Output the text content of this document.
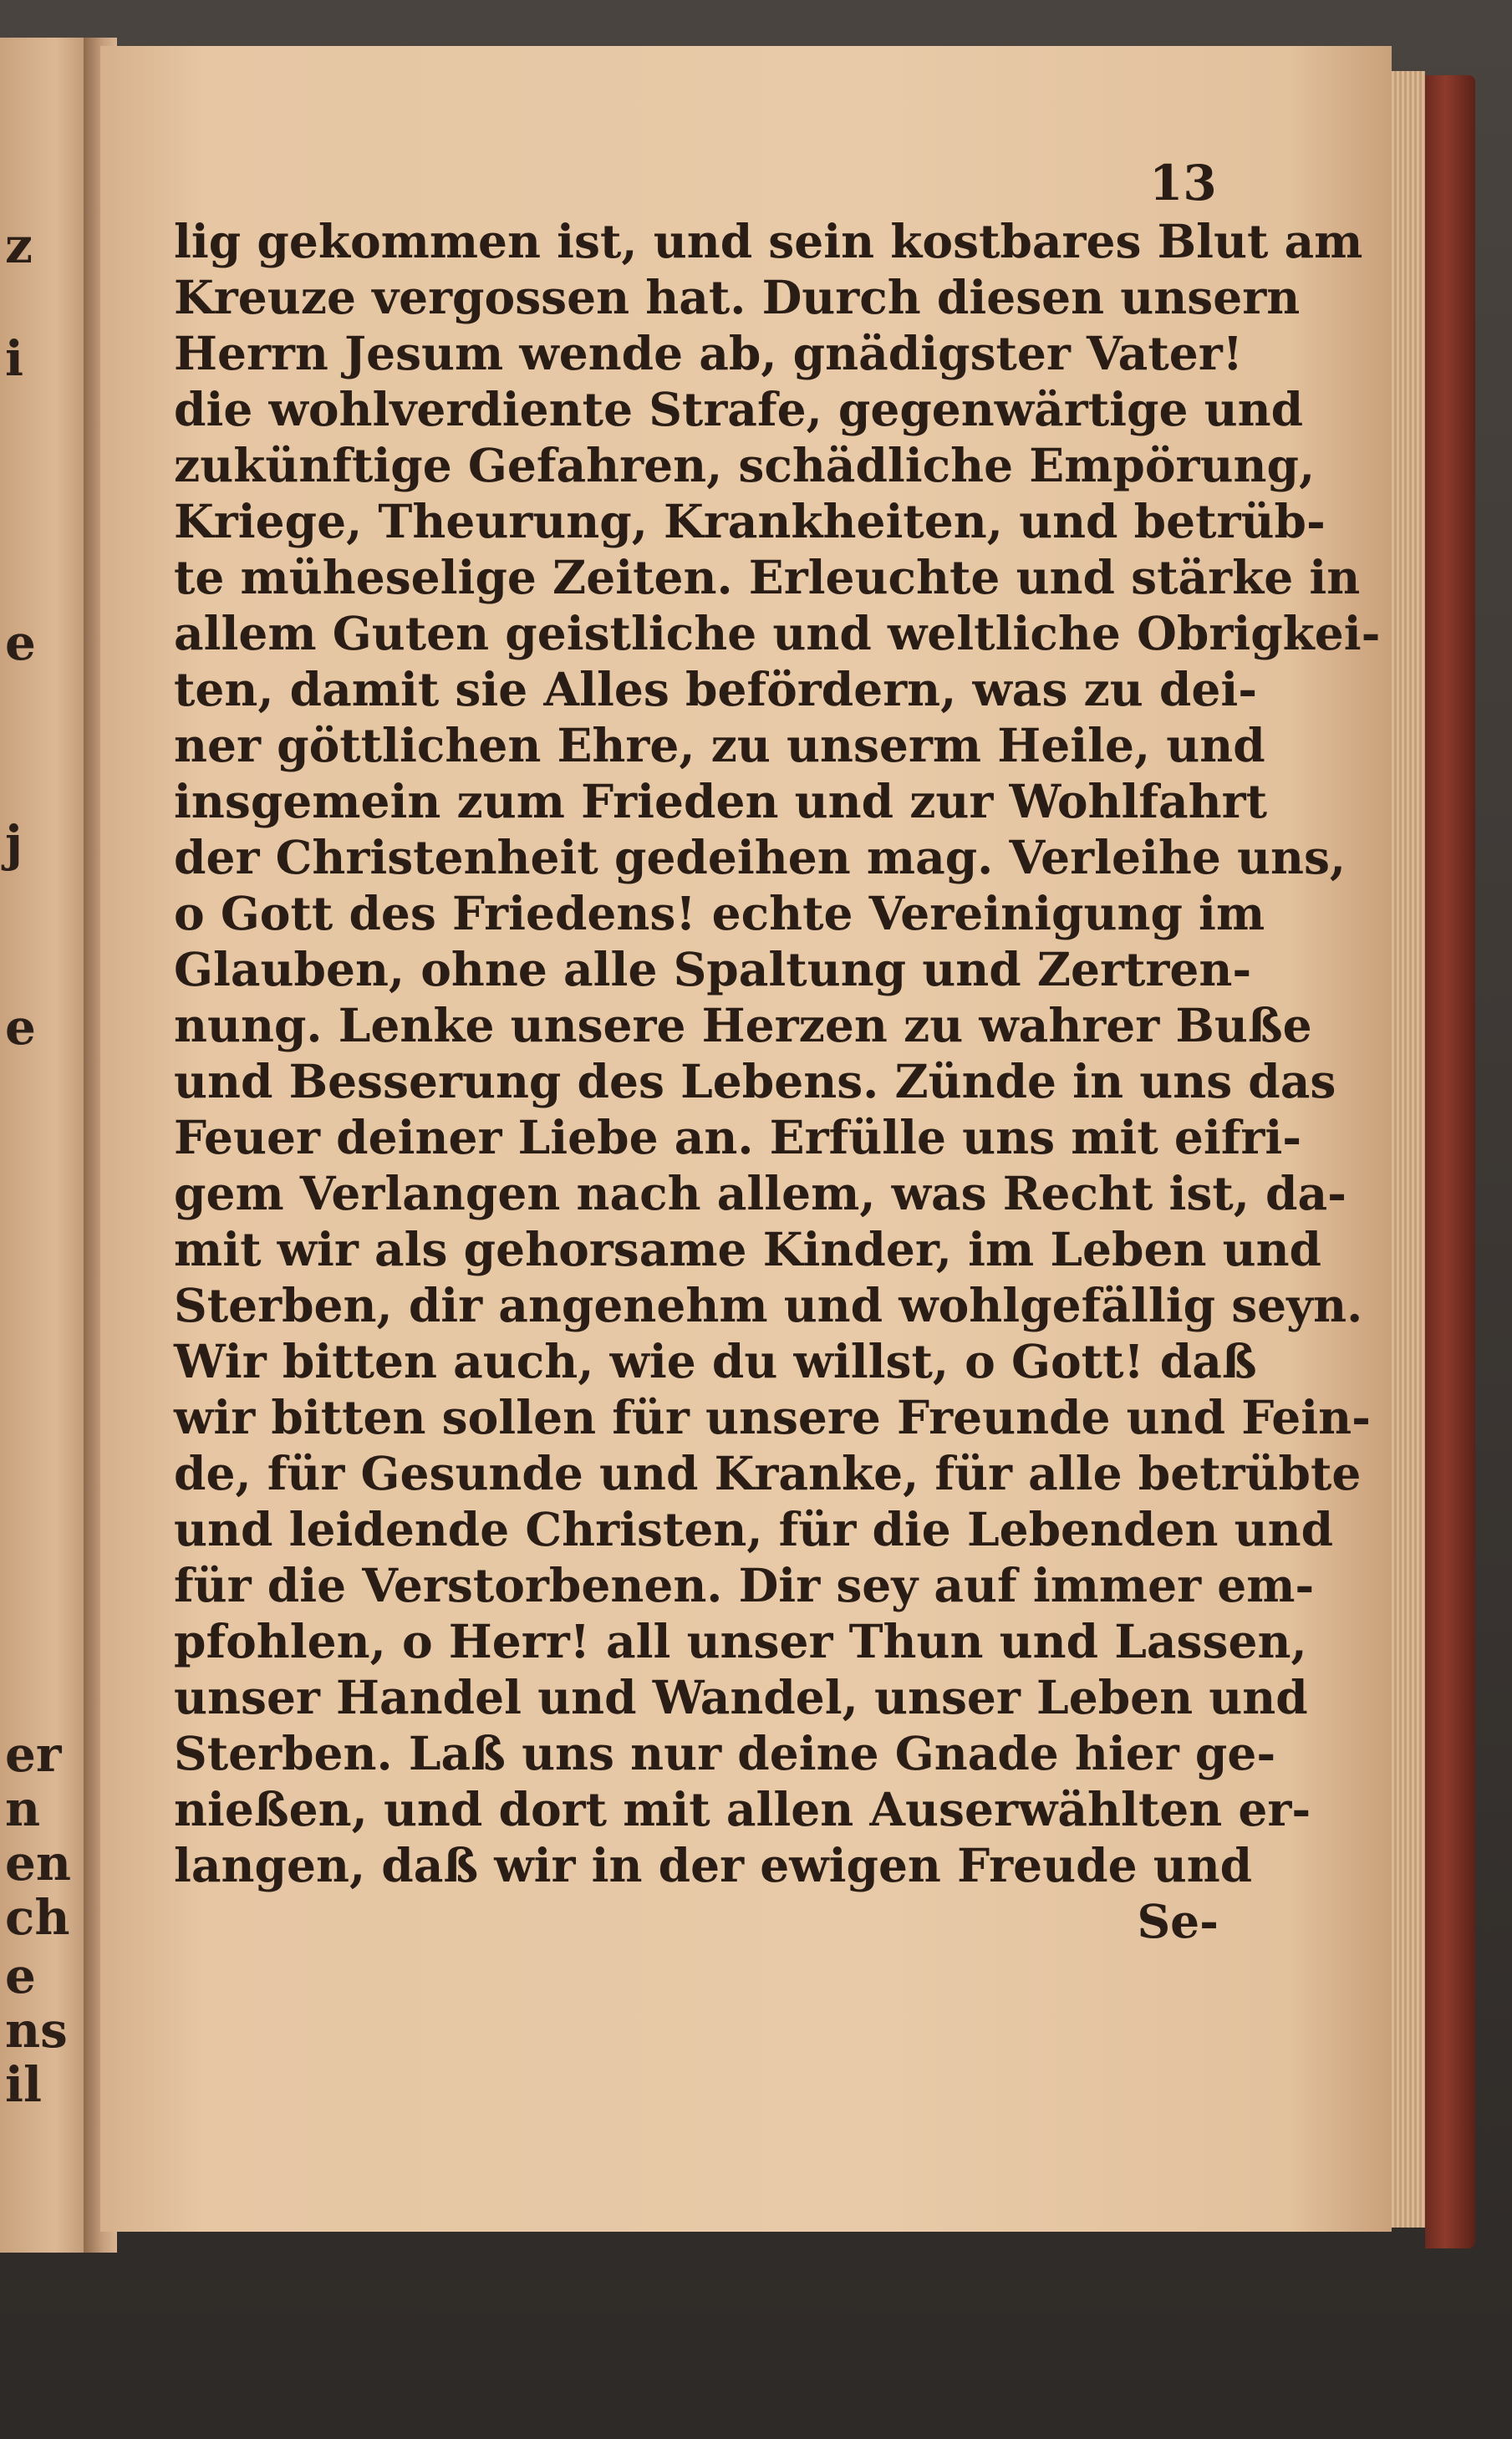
z
i
e
j
e
er
n
en
ch
e
ns
il
13
lig gekommen ist, und sein kostbares Blut am
Kreuze vergossen hat. Durch diesen unsern
Herrn Jesum wende ab, gnädigster Vater!
die wohlverdiente Strafe, gegenwärtige und
zukünftige Gefahren, schädliche Empörung,
Kriege, Theurung, Krankheiten, und betrüb-
te müheselige Zeiten. Erleuchte und stärke in
allem Guten geistliche und weltliche Obrigkei-
ten, damit sie Alles befördern, was zu dei-
ner göttlichen Ehre, zu unserm Heile, und
insgemein zum Frieden und zur Wohlfahrt
der Christenheit gedeihen mag. Verleihe uns,
o Gott des Friedens! echte Vereinigung im
Glauben, ohne alle Spaltung und Zertren-
nung. Lenke unsere Herzen zu wahrer Buße
und Besserung des Lebens. Zünde in uns das
Feuer deiner Liebe an. Erfülle uns mit eifri-
gem Verlangen nach allem, was Recht ist, da-
mit wir als gehorsame Kinder, im Leben und
Sterben, dir angenehm und wohlgefällig seyn.
Wir bitten auch, wie du willst, o Gott! daß
wir bitten sollen für unsere Freunde und Fein-
de, für Gesunde und Kranke, für alle betrübte
und leidende Christen, für die Lebenden und
für die Verstorbenen. Dir sey auf immer em-
pfohlen, o Herr! all unser Thun und Lassen,
unser Handel und Wandel, unser Leben und
Sterben. Laß uns nur deine Gnade hier ge-
nießen, und dort mit allen Auserwählten er-
langen, daß wir in der ewigen Freude und
Se-
